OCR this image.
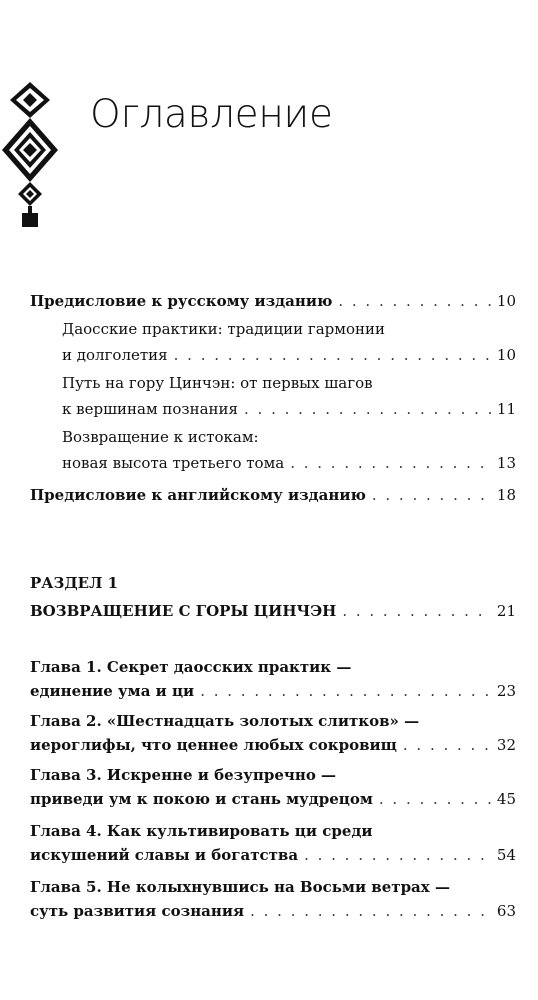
Оглавление
Предисловие к русскому изданию . . .	10
Даосские практики: традиции гармонии
и долголетия . . .	10
Путь на гору Цинчэн: от первых шагов
к вершинам познания . . .	11
Возвращение к истокам:
новая высота третьего тома . . .	13
Предисловие к английскому изданию . . .	18
РАЗДЕЛ 1
ВОЗВРАЩЕНИЕ С ГОРЫ ЦИНЧЭН . . .	21
Глава 1. Секрет даосских практик —
единение ума и ци . . .	23
Глава 2. «Шестнадцать золотых слитков» —
иероглифы, что ценнее любых сокровищ . . .	32
Глава 3. Искренне и безупречно —
приведи ум к покою и стань мудрецом . . .	45
Глава 4. Как культивировать ци среди
искушений славы и богатства . . .	54
Глава 5. Не колыхнувшись на Восьми ветрах —
суть развития сознания . . .	63
